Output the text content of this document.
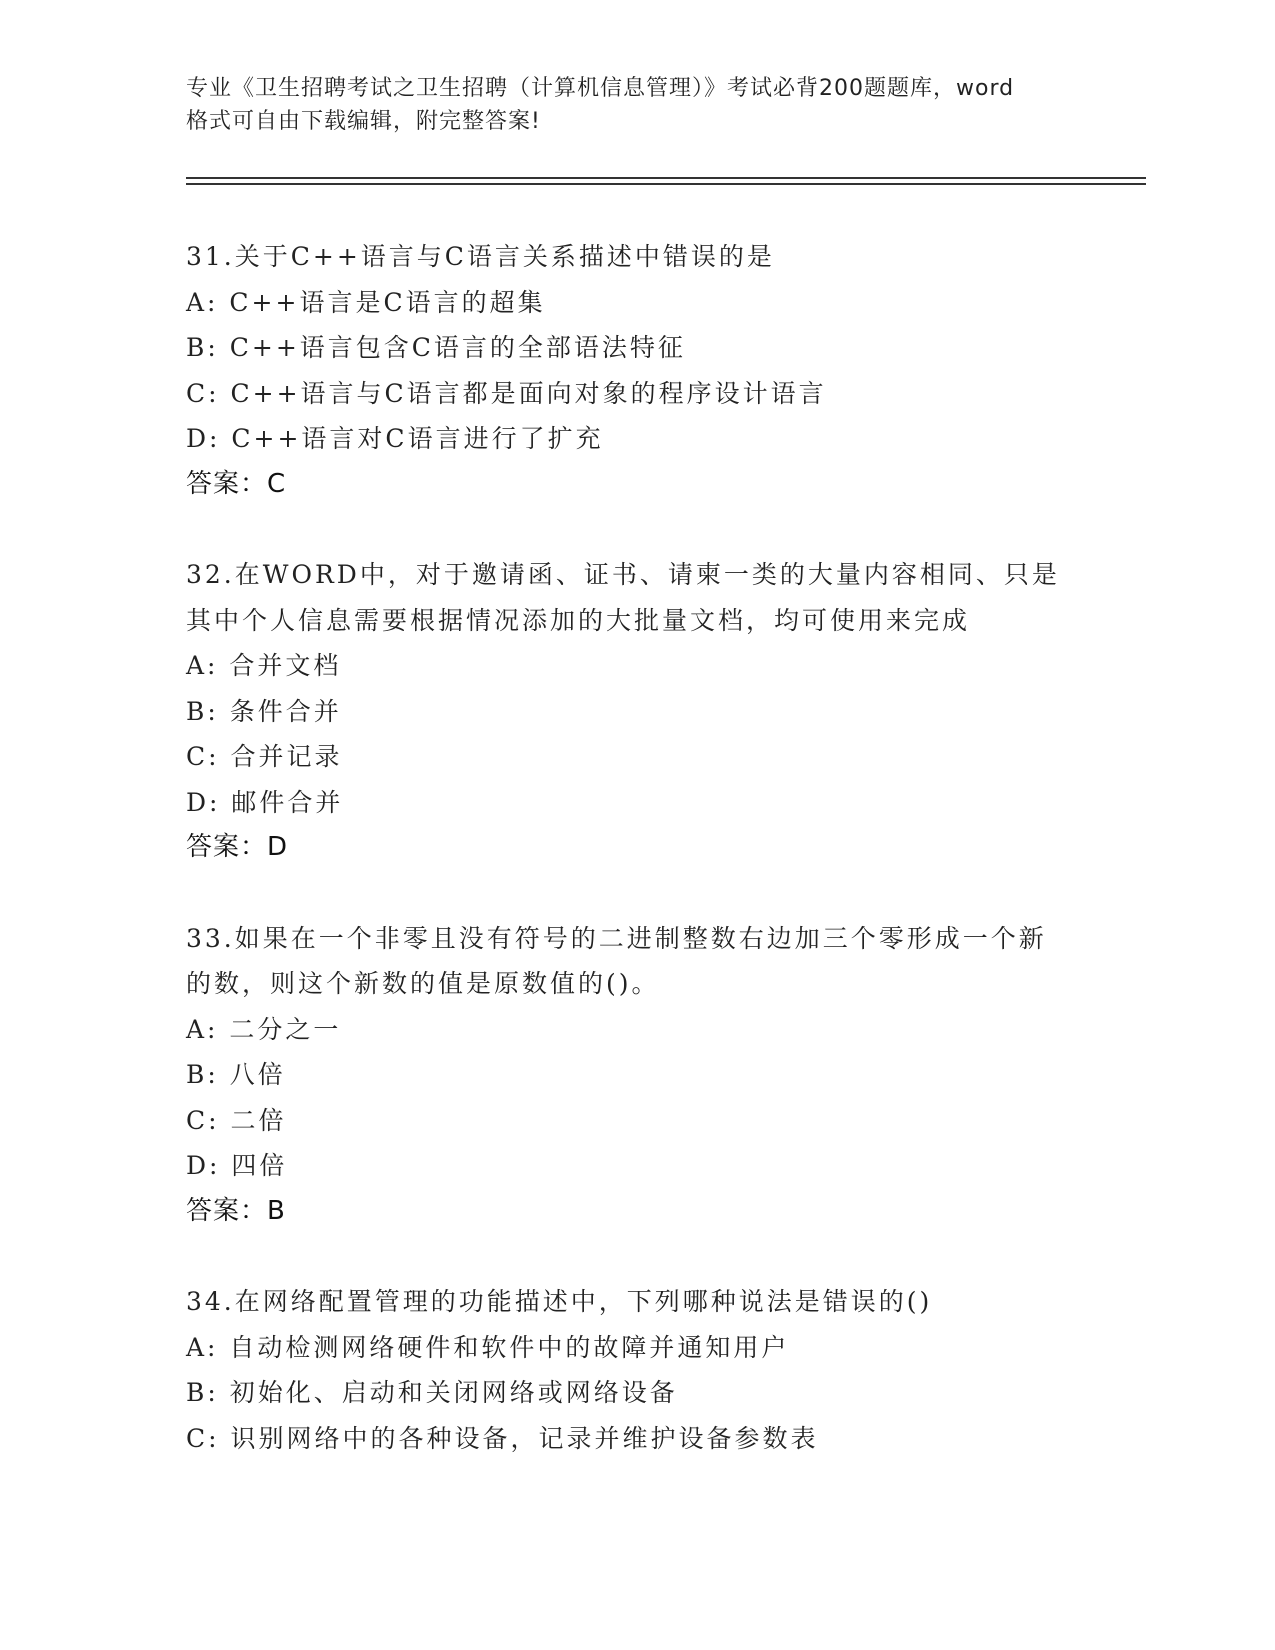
专业《卫生招聘考试之卫生招聘（计算机信息管理）》考试必背200题题库，word
格式可自由下载编辑，附完整答案!
31.关于C++语言与C语言关系描述中错误的是
A: C++语言是C语言的超集
B: C++语言包含C语言的全部语法特征
C: C++语言与C语言都是面向对象的程序设计语言
D: C++语言对C语言进行了扩充
答案：C
32.在WORD中，对于邀请函、证书、请柬一类的大量内容相同、只是
其中个人信息需要根据情况添加的大批量文档，均可使用来完成
A: 合并文档
B: 条件合并
C: 合并记录
D: 邮件合并
答案：D
33.如果在一个非零且没有符号的二进制整数右边加三个零形成一个新
的数，则这个新数的值是原数值的()。
A: 二分之一
B: 八倍
C: 二倍
D: 四倍
答案：B
34.在网络配置管理的功能描述中，下列哪种说法是错误的()
A: 自动检测网络硬件和软件中的故障并通知用户
B: 初始化、启动和关闭网络或网络设备
C: 识别网络中的各种设备，记录并维护设备参数表
